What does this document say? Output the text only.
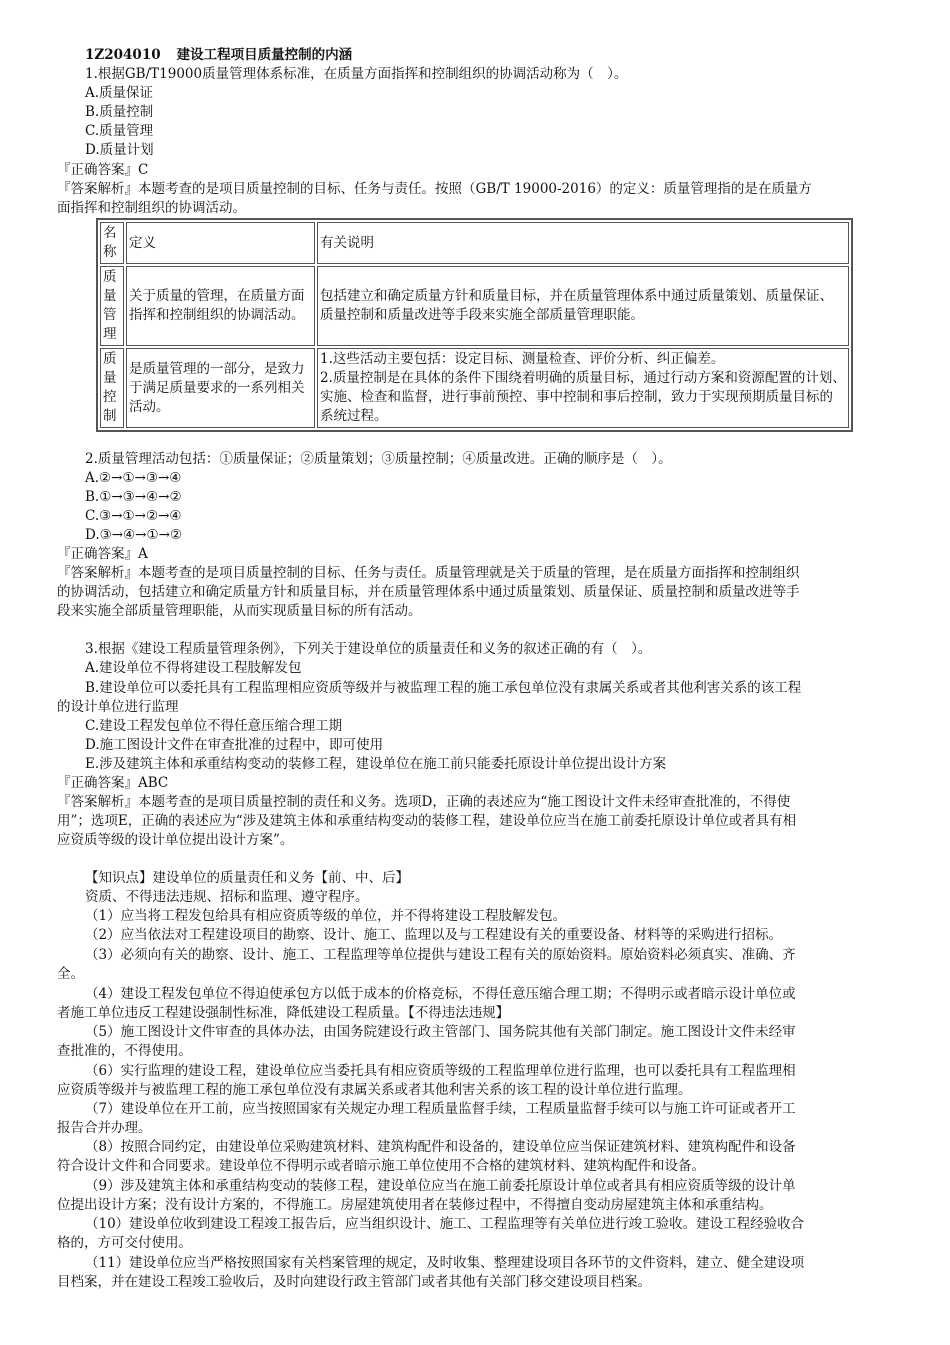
1Z204010 建设工程项目质量控制的内涵
1.根据GB/T19000质量管理体系标准，在质量方面指挥和控制组织的协调活动称为（　）。
A.质量保证
B.质量控制
C.质量管理
D.质量计划
『正确答案』C
『答案解析』本题考查的是项目质量控制的目标、任务与责任。按照（GB/T 19000-2016）的定义：质量管理指的是在质量方
面指挥和控制组织的协调活动。
名称	定义	有关说明
质量管理	关于质量的管理，在质量方面指挥和控制组织的协调活动。	包括建立和确定质量方针和质量目标，并在质量管理体系中通过质量策划、质量保证、质量控制和质量改进等手段来实施全部质量管理职能。
质量控制	是质量管理的一部分，是致力于满足质量要求的一系列相关活动。	1.这些活动主要包括：设定目标、测量检查、评价分析、纠正偏差。
2.质量控制是在具体的条件下围绕着明确的质量目标，通过行动方案和资源配置的计划、实施、检查和监督，进行事前预控、事中控制和事后控制，致力于实现预期质量目标的系统过程。
2.质量管理活动包括：①质量保证；②质量策划；③质量控制；④质量改进。正确的顺序是（　）。
A.②→①→③→④
B.①→③→④→②
C.③→①→②→④
D.③→④→①→②
『正确答案』A
『答案解析』本题考查的是项目质量控制的目标、任务与责任。质量管理就是关于质量的管理，是在质量方面指挥和控制组织
的协调活动，包括建立和确定质量方针和质量目标，并在质量管理体系中通过质量策划、质量保证、质量控制和质量改进等手
段来实施全部质量管理职能，从而实现质量目标的所有活动。
3.根据《建设工程质量管理条例》，下列关于建设单位的质量责任和义务的叙述正确的有（　）。
A.建设单位不得将建设工程肢解发包
B.建设单位可以委托具有工程监理相应资质等级并与被监理工程的施工承包单位没有隶属关系或者其他利害关系的该工程
的设计单位进行监理
C.建设工程发包单位不得任意压缩合理工期
D.施工图设计文件在审查批准的过程中，即可使用
E.涉及建筑主体和承重结构变动的装修工程，建设单位在施工前只能委托原设计单位提出设计方案
『正确答案』ABC
『答案解析』本题考查的是项目质量控制的责任和义务。选项D，正确的表述应为“施工图设计文件未经审查批准的，不得使
用”；选项E，正确的表述应为“涉及建筑主体和承重结构变动的装修工程，建设单位应当在施工前委托原设计单位或者具有相
应资质等级的设计单位提出设计方案”。
【知识点】建设单位的质量责任和义务【前、中、后】
资质、不得违法违规、招标和监理、遵守程序。
（1）应当将工程发包给具有相应资质等级的单位，并不得将建设工程肢解发包。
（2）应当依法对工程建设项目的勘察、设计、施工、监理以及与工程建设有关的重要设备、材料等的采购进行招标。
（3）必须向有关的勘察、设计、施工、工程监理等单位提供与建设工程有关的原始资料。原始资料必须真实、准确、齐
全。
（4）建设工程发包单位不得迫使承包方以低于成本的价格竞标，不得任意压缩合理工期；不得明示或者暗示设计单位或
者施工单位违反工程建设强制性标准，降低建设工程质量。【不得违法违规】
（5）施工图设计文件审查的具体办法，由国务院建设行政主管部门、国务院其他有关部门制定。施工图设计文件未经审
查批准的，不得使用。
（6）实行监理的建设工程，建设单位应当委托具有相应资质等级的工程监理单位进行监理，也可以委托具有工程监理相
应资质等级并与被监理工程的施工承包单位没有隶属关系或者其他利害关系的该工程的设计单位进行监理。
（7）建设单位在开工前，应当按照国家有关规定办理工程质量监督手续，工程质量监督手续可以与施工许可证或者开工
报告合并办理。
（8）按照合同约定，由建设单位采购建筑材料、建筑构配件和设备的，建设单位应当保证建筑材料、建筑构配件和设备
符合设计文件和合同要求。建设单位不得明示或者暗示施工单位使用不合格的建筑材料、建筑构配件和设备。
（9）涉及建筑主体和承重结构变动的装修工程，建设单位应当在施工前委托原设计单位或者具有相应资质等级的设计单
位提出设计方案；没有设计方案的，不得施工。房屋建筑使用者在装修过程中，不得擅自变动房屋建筑主体和承重结构。
（10）建设单位收到建设工程竣工报告后，应当组织设计、施工、工程监理等有关单位进行竣工验收。建设工程经验收合
格的，方可交付使用。
（11）建设单位应当严格按照国家有关档案管理的规定，及时收集、整理建设项目各环节的文件资料，建立、健全建设项
目档案，并在建设工程竣工验收后，及时向建设行政主管部门或者其他有关部门移交建设项目档案。
